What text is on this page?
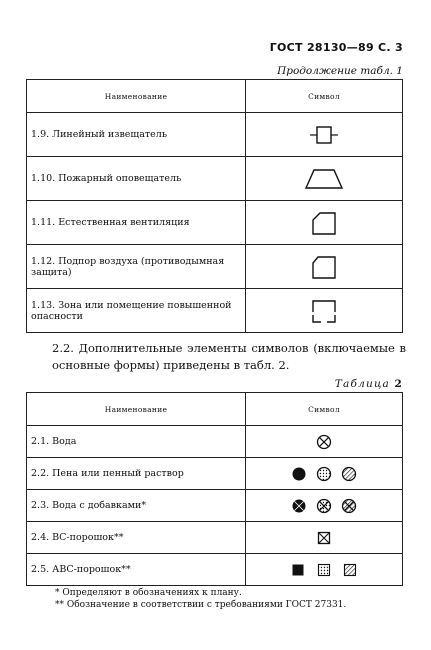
ГОСТ 28130—89 С. 3
Продолжение табл. 1
Наименование	Символ
1.9. Линейный извещатель	
1.10. Пожарный оповещатель	
1.11. Естественная вентиляция	
1.12. Подпор воздуха (противодымная защита)	
1.13. Зона или помещение повышенной опасности	
2.2. Дополнительные элементы символов (включаемые в основные формы) приведены в табл. 2.
Таблица 2
Наименование	Символ
2.1. Вода	
2.2. Пена или пенный раствор	
2.3. Вода с добавками*	
2.4. ВС-порошок**	
2.5. АВС-порошок**	
* Определяют в обозначениях к плану.
** Обозначение в соответствии с требованиями ГОСТ 27331.
